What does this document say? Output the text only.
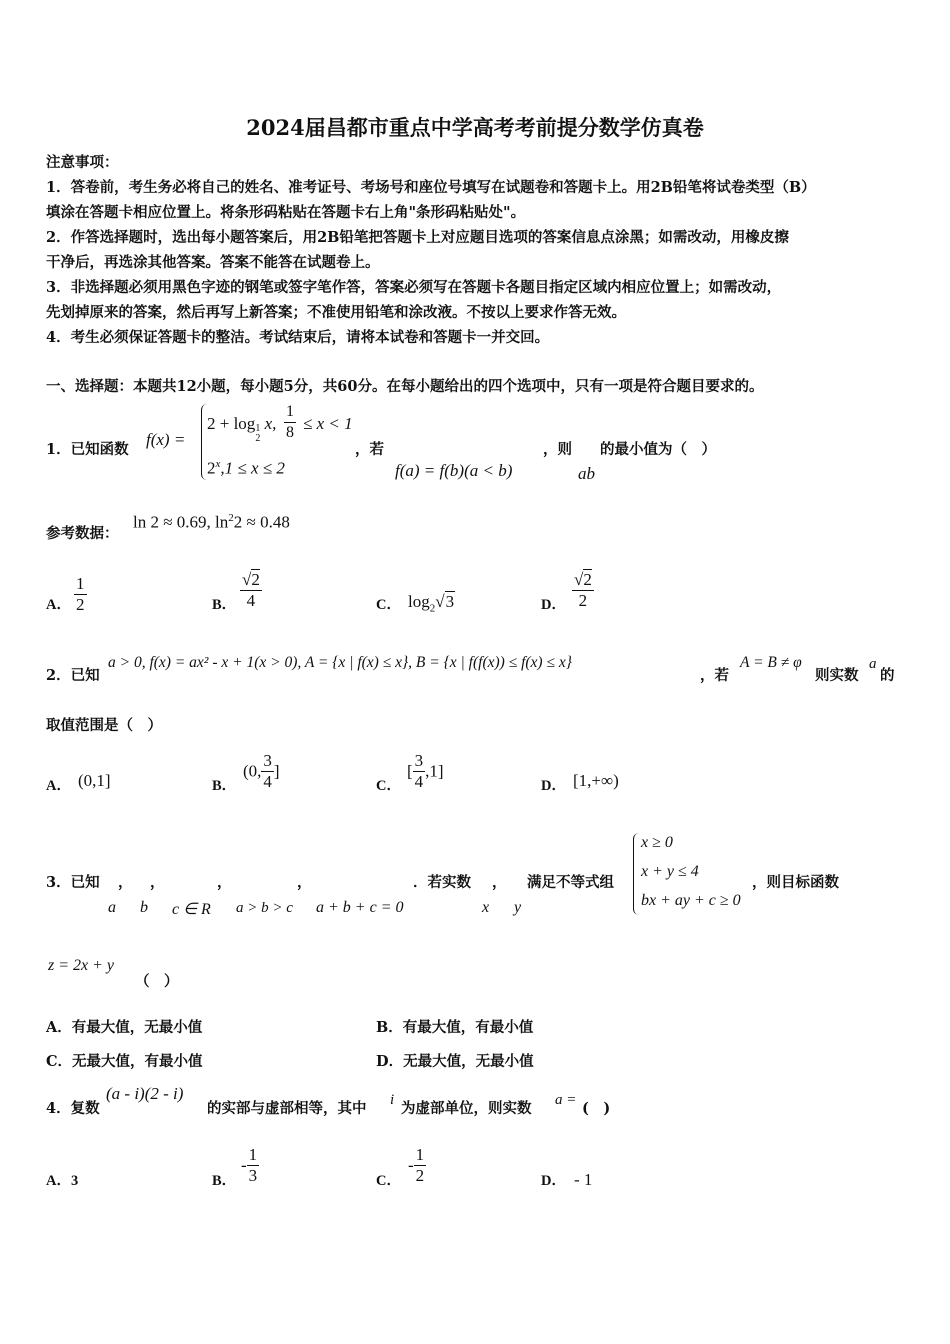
2024届昌都市重点中学高考考前提分数学仿真卷
注意事项：
1．答卷前，考生务必将自己的姓名、准考证号、考场号和座位号填写在试题卷和答题卡上。用2B铅笔将试卷类型（B）
填涂在答题卡相应位置上。将条形码粘贴在答题卡右上角"条形码粘贴处"。
2．作答选择题时，选出每小题答案后，用2B铅笔把答题卡上对应题目选项的答案信息点涂黑；如需改动，用橡皮擦
干净后，再选涂其他答案。答案不能答在试题卷上。
3．非选择题必须用黑色字迹的钢笔或签字笔作答，答案必须写在答题卡各题目指定区域内相应位置上；如需改动，
先划掉原来的答案，然后再写上新答案；不准使用铅笔和涂改液。不按以上要求作答无效。
4．考生必须保证答题卡的整洁。考试结束后，请将本试卷和答题卡一并交回。
一、选择题：本题共12小题，每小题5分，共60分。在每小题给出的四个选项中，只有一项是符合题目要求的。
1．已知函数
f(x) =
2 + log 1
2
x, $\frac{1}{8} \le x < 1$
$2^x,1 \le x \le 2$
，若
f(a) = f(b)(a < b)
，则
ab
的最小值为（　）
参考数据：
ln 2 ≈ 0.69, $\ln^22 \approx 0.48$
A． $\frac{1}{2}$	B． $\frac{√2}{4}$	C． $\log_2√3$	D． $\frac{√2}{2}$
2．已知
a > 0, f(x) = ax² - x + 1(x > 0), A = {x | f(x) ≤ x}, B = {x | f(f(x)) ≤ f(x) ≤ x}
，若
A = B ≠ φ
则实数
a
的
取值范围是（　）
A． (0,1]	B．
(0, $\frac{3}{4}$ ]
C．
[ $\frac{3}{4} ,1$]
D． [1,+∞)
3．已知 ， ，	，	，
a b c ∈ R a > b > c a + b + c = 0
．若实数 ，
x y
满足不等式组
x ≥ 0
x + y ≤ 4
bx + ay + c ≥ 0
，则目标函数
z = 2x + y
（　）
A．有最大值，无最小值	B．有最大值，有最小值
C．无最大值，有最小值	D．无最大值，无最小值
4．复数
(a - i)(2 - i)
的实部与虚部相等，其中 i 为虚部单位，则实数 a = (　)
A．3	B．
- $\frac{1}{3}$	C．
- $\frac{1}{2}$	D． - 1
